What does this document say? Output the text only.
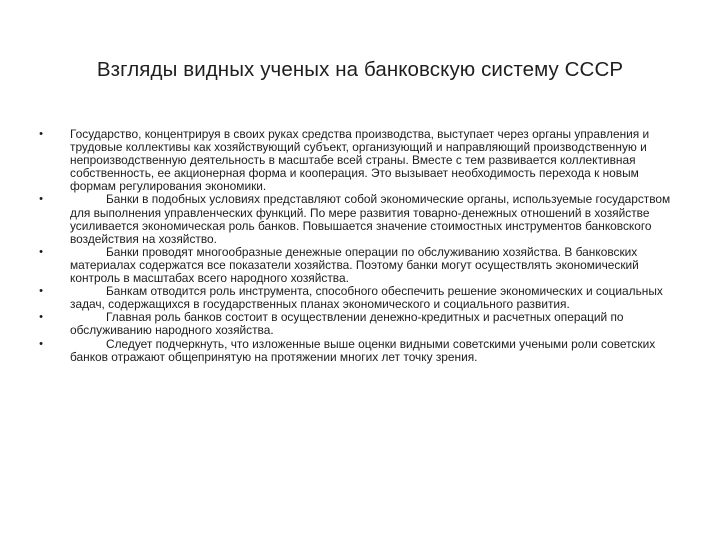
Взгляды видных ученых на банковскую систему СССР
• Государство, концентрируя в своих руках средства производства, выступает через органы управления и трудовые коллективы как хозяйствующий субъект, организующий и направляющий производственную и непроизводственную деятельность в масштабе всей страны. Вместе с тем развивается коллективная собственность, ее акционерная форма и кооперация. Это вызывает необходимость перехода к новым формам регулирования экономики.
•	Банки в подобных условиях представляют собой экономические органы, используемые государством для выполнения управленческих функций. По мере развития товарно-денежных отношений в хозяйстве усиливается экономическая роль банков. Повышается значение стоимостных инструментов банковского воздействия на хозяйство.
•	Банки проводят многообразные денежные операции по обслуживанию хозяйства. В банковских материалах содержатся все показатели хозяйства. Поэтому банки могут осуществлять экономический контроль в масштабах всего народного хозяйства.
•	Банкам отводится роль инструмента, способного обеспечить решение экономических и социальных задач, содержащихся в государственных планах экономического и социального развития.
•	Главная роль банков состоит в осуществлении денежно-кредитных и расчетных операций по обслуживанию народного хозяйства.
•	Следует подчеркнуть, что изложенные выше оценки видными советскими учеными роли советских банков отражают общепринятую на протяжении многих лет точку зрения.
